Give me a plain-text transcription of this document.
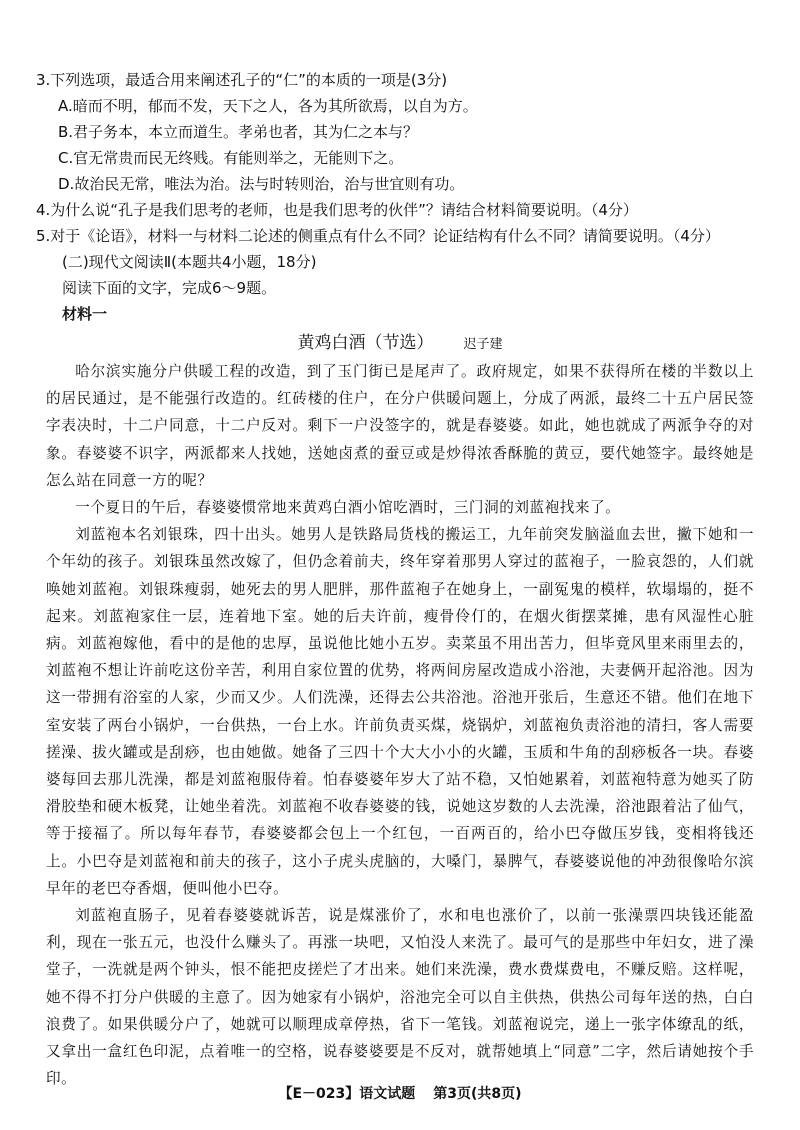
3.下列选项，最适合用来阐述孔子的“仁”的本质的一项是(3分)
A.暗而不明，郁而不发，天下之人，各为其所欲焉，以自为方。
B.君子务本，本立而道生。孝弟也者，其为仁之本与？
C.官无常贵而民无终贱。有能则举之，无能则下之。
D.故治民无常，唯法为治。法与时转则治，治与世宜则有功。
4.为什么说“孔子是我们思考的老师，也是我们思考的伙伴”？请结合材料简要说明。（4分）
5.对于《论语》，材料一与材料二论述的侧重点有什么不同？论证结构有什么不同？请简要说明。（4分）
(二)现代文阅读Ⅱ(本题共4小题，18分)
阅读下面的文字，完成6～9题。
材料一
黄鸡白酒（节选） 迟子建

哈尔滨实施分户供暖工程的改造，到了玉门街已是尾声了。政府规定，如果不获得所在楼的半数以上的居民通过，是不能强行改造的。红砖楼的住户，在分户供暖问题上，分成了两派，最终二十五户居民签字表决时，十二户同意，十二户反对。剩下一户没签字的，就是春婆婆。如此，她也就成了两派争夺的对象。春婆婆不识字，两派都来人找她，送她卤煮的蚕豆或是炒得浓香酥脆的黄豆，要代她签字。最终她是怎么站在同意一方的呢？

一个夏日的午后，春婆婆惯常地来黄鸡白酒小馆吃酒时，三门洞的刘蓝袍找来了。

刘蓝袍本名刘银珠，四十出头。她男人是铁路局货栈的搬运工，九年前突发脑溢血去世，撇下她和一个年幼的孩子。刘银珠虽然改嫁了，但仍念着前夫，终年穿着那男人穿过的蓝袍子，一脸哀怨的，人们就唤她刘蓝袍。刘银珠瘦弱，她死去的男人肥胖，那件蓝袍子在她身上，一副冤鬼的模样，软塌塌的，挺不起来。刘蓝袍家住一层，连着地下室。她的后夫许前，瘦骨伶仃的，在烟火街摆菜摊，患有风湿性心脏病。刘蓝袍嫁他，看中的是他的忠厚，虽说他比她小五岁。卖菜虽不用出苦力，但毕竟风里来雨里去的，刘蓝袍不想让许前吃这份辛苦，利用自家位置的优势，将两间房屋改造成小浴池，夫妻俩开起浴池。因为这一带拥有浴室的人家，少而又少。人们洗澡，还得去公共浴池。浴池开张后，生意还不错。他们在地下室安装了两台小锅炉，一台供热，一台上水。许前负责买煤，烧锅炉，刘蓝袍负责浴池的清扫，客人需要搓澡、拔火罐或是刮痧，也由她做。她备了三四十个大大小小的火罐，玉质和牛角的刮痧板各一块。春婆婆每回去那儿洗澡，都是刘蓝袍服侍着。怕春婆婆年岁大了站不稳，又怕她累着，刘蓝袍特意为她买了防滑胶垫和硬木板凳，让她坐着洗。刘蓝袍不收春婆婆的钱，说她这岁数的人去洗澡，浴池跟着沾了仙气，等于接福了。所以每年春节，春婆婆都会包上一个红包，一百两百的，给小巴夺做压岁钱，变相将钱还上。小巴夺是刘蓝袍和前夫的孩子，这小子虎头虎脑的，大嗓门，暴脾气，春婆婆说他的冲劲很像哈尔滨早年的老巴夺香烟，便叫他小巴夺。

刘蓝袍直肠子，见着春婆婆就诉苦，说是煤涨价了，水和电也涨价了，以前一张澡票四块钱还能盈利，现在一张五元，也没什么赚头了。再涨一块吧，又怕没人来洗了。最可气的是那些中年妇女，进了澡堂子，一洗就是两个钟头，恨不能把皮搓烂了才出来。她们来洗澡，费水费煤费电，不赚反赔。这样呢，她不得不打分户供暖的主意了。因为她家有小锅炉，浴池完全可以自主供热，供热公司每年送的热，白白浪费了。如果供暖分户了，她就可以顺理成章停热，省下一笔钱。刘蓝袍说完，递上一张字体缭乱的纸，又拿出一盒红色印泥，点着唯一的空格，说春婆婆要是不反对，就帮她填上“同意”二字，然后请她按个手印。

【E－023】语文试题 第3页(共8页)
